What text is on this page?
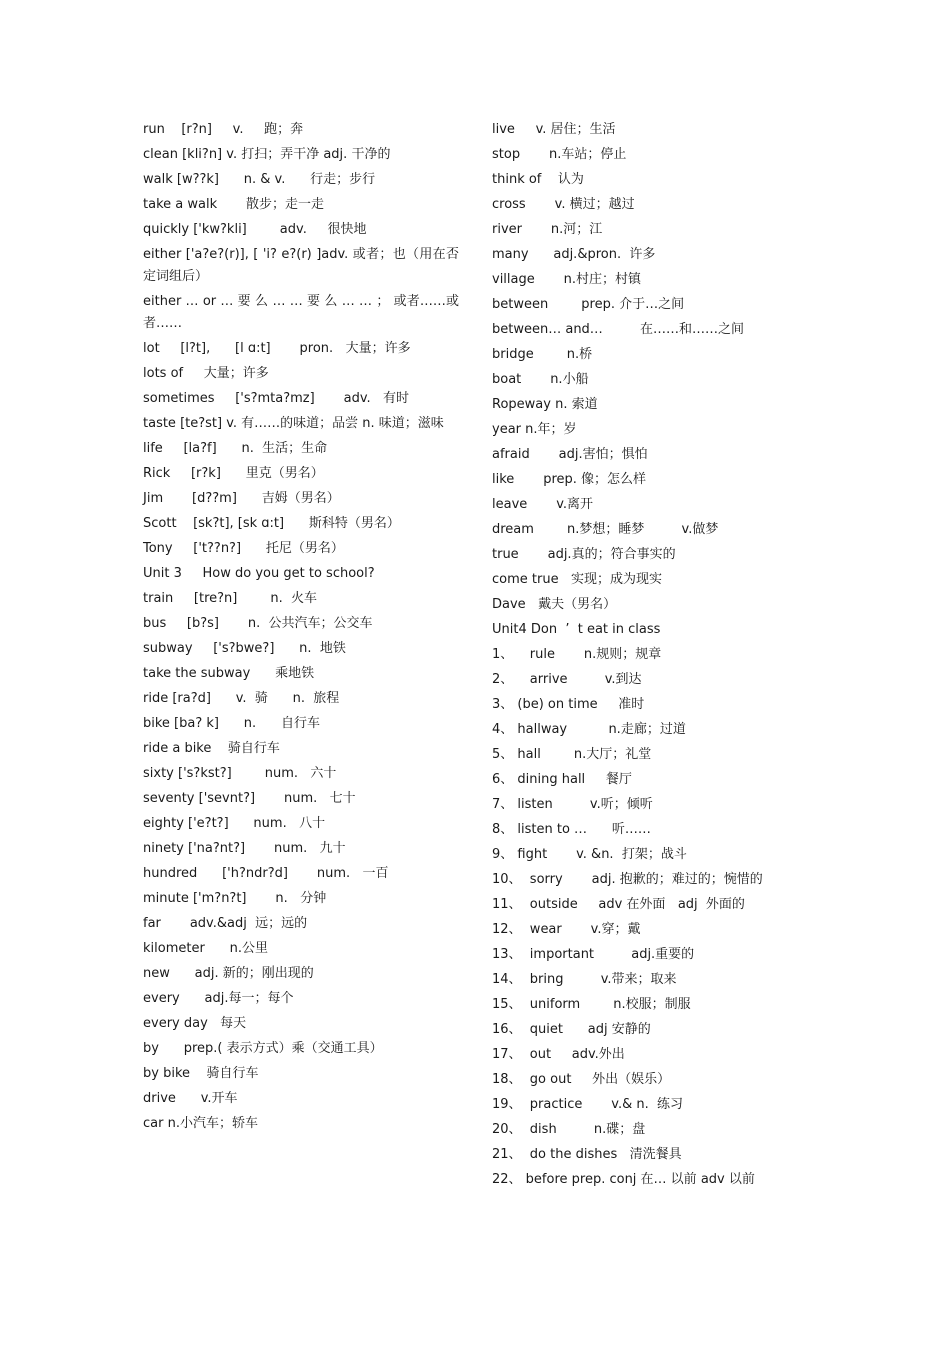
run    [r?n]     v.     跑；奔
clean [kli?n] v. 打扫；弄干净 adj. 干净的
walk [w??k]      n. & v.      行走；步行
take a walk       散步；走一走
quickly ['kw?kli]        adv.     很快地
either ['a?e?(r)], [ 'i? e?(r) ]adv. 或者；也（用在否定词组后）
either … or … 要 么 … … 要 么 … … ； 或者……或者……
lot     [l?t],      [l ɑ:t]       pron.   大量；许多
lots of     大量；许多
sometimes     ['s?mta?mz]       adv.   有时
taste [te?st] v. 有……的味道；品尝 n. 味道；滋味
life     [la?f]      n.  生活；生命
Rick     [r?k]      里克（男名）
Jim       [d??m]      吉姆（男名）
Scott    [sk?t], [sk ɑ:t]      斯科特（男名）
Tony     ['t??n?]      托尼（男名）
Unit 3     How do you get to school?
train     [tre?n]        n.  火车
bus     [b?s]       n.  公共汽车；公交车
subway     ['s?bwe?]      n.  地铁
take the subway      乘地铁
ride [ra?d]      v.  骑      n.  旅程
bike [ba? k]      n.      自行车
ride a bike    骑自行车
sixty ['s?kst?]        num.   六十
seventy ['sevnt?]       num.   七十
eighty ['e?t?]      num.   八十
ninety ['na?nt?]       num.   九十
hundred      ['h?ndr?d]       num.   一百
minute ['m?n?t]       n.   分钟
far       adv.&adj  远；远的
kilometer      n.公里
new      adj. 新的；刚出现的
every      adj.每一；每个
every day   每天
by      prep.( 表示方式）乘（交通工具）
by bike    骑自行车
drive      v.开车
car n.小汽车；轿车
live     v. 居住；生活
stop       n.车站；停止
think of    认为
cross       v. 横过；越过
river       n.河；江
many      adj.&pron.  许多
village       n.村庄；村镇
between        prep. 介于…之间
between… and…         在……和……之间
bridge        n.桥
boat       n.小船
Ropeway n. 索道
year n.年；岁
afraid       adj.害怕；惧怕
like       prep. 像；怎么样
leave       v.离开
dream        n.梦想；睡梦         v.做梦
true       adj.真的；符合事实的
come true   实现；成为现实
Dave   戴夫（男名）
Unit4 Don  ’  t eat in class
1、    rule       n.规则；规章
2、    arrive         v.到达
3、 (be) on time     准时
4、 hallway          n.走廊；过道
5、 hall        n.大厅；礼堂
6、 dining hall     餐厅
7、 listen         v.听；倾听
8、 listen to …      听……
9、 fight       v. &n.  打架；战斗
10、  sorry       adj. 抱歉的；难过的；惋惜的
11、  outside     adv 在外面   adj  外面的
12、  wear       v.穿；戴
13、  important         adj.重要的
14、  bring         v.带来；取来
15、  uniform        n.校服；制服
16、  quiet      adj 安静的
17、  out     adv.外出
18、  go out     外出（娱乐）
19、  practice       v.& n.  练习
20、  dish         n.碟；盘
21、  do the dishes   清洗餐具
22、 before prep. conj 在… 以前 adv 以前
